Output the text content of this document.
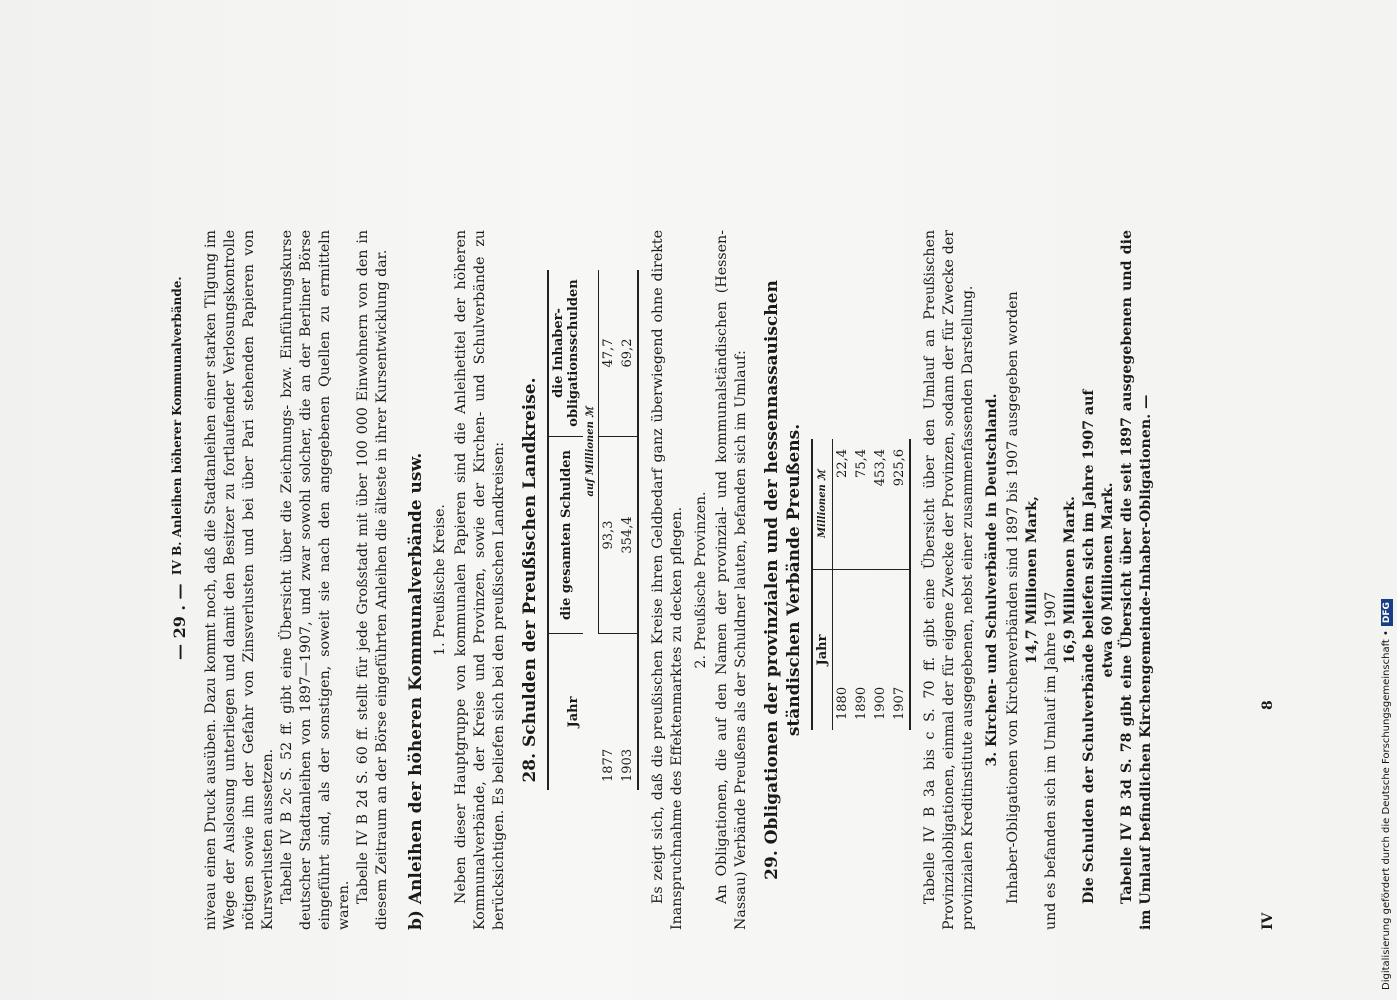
— 29 . —
IV B. Anleihen höherer Kommunalverbände. niveau einen Druck ausüben. Dazu kommt noch, daß die Stadtanleihen einer starken Tilgung im Wege der Auslosung unterliegen und damit den Besitzer zu fortlaufender Verlosungskontrolle nötigen sowie ihn der Gefahr von Zinsverlusten und bei über Pari stehenden Papieren von Kursverlusten aussetzen. Tabelle IV B 2c S. 52 ff. gibt eine Übersicht über die Zeichnungs- bzw. Einführungskurse deutscher Stadtanleihen von 1897—1907, und zwar sowohl solcher, die an der Berliner Börse eingeführt sind, als der sonstigen, soweit sie nach den angegebenen Quellen zu ermitteln waren.

Tabelle IV B 2d S. 60 ff. stellt für jede Großstadt mit über 100 000 Einwohnern von den in diesem Zeitraum an der Börse eingeführten Anleihen die älteste in ihrer Kursentwicklung dar. b) Anleihen der höheren Kommunalverbände usw. 1. Preußische Kreise. Neben dieser Hauptgruppe von kommunalen Papieren sind die Anleihetitel der höheren Kommunalverbände, der Kreise und Provinzen, sowie der Kirchen- und Schulverbände zu berücksichtigen. Es beliefen sich bei den preußischen Landkreisen: 28. Schulden der Preußischen Landkreise. Jahr	die gesamten Schulden	die Inhaber-obligationsschulden
	auf Millionen ℳ	
1877	93,3	47,7
1903	354,4	69,2 Es zeigt sich, daß die preußischen Kreise ihren Geldbedarf ganz überwiegend ohne direkte Inanspruchnahme des Effektenmarktes zu decken pflegen. 2. Preußische Provinzen. An Obligationen, die auf den Namen der provinzial- und kommunalständischen (Hessen-Nassau) Verbände Preußens als der Schuldner lauten, befanden sich im Umlauf: 29. Obligationen der provinzialen und der hessennassauischen ständischen Verbände Preußens. Jahr	Millionen ℳ
1880	22,4
1890	75,4
1900	453,4
1907	925,6 Tabelle IV B 3a bis c S. 70 ff. gibt eine Übersicht über den Umlauf an Preußischen Provinzialobligationen, einmal der für eigene Zwecke der Provinzen, sodann der für Zwecke der provinzialen Kreditinstitute ausgegebenen, nebst einer zusammenfassenden Darstellung. 3. Kirchen- und Schulverbände in Deutschland. Inhaber-Obligationen von Kirchenverbänden sind 1897 bis 1907 ausgegeben worden 14,7 Millionen Mark,

und es befanden sich im Umlauf im Jahre 1907

16,9 Millionen Mark. Die Schulden der Schulverbände beliefen sich im Jahre 1907 auf etwa 60 Millionen Mark. Tabelle IV B 3d S. 78 gibt eine Übersicht über die seit 1897 ausgegebenen und die im Umlauf befindlichen Kirchengemeinde-Inhaber-Obligationen. —	IV
8	Digitalisierung gefördert durch die Deutsche Forschungsgemeinschaft •DFG
